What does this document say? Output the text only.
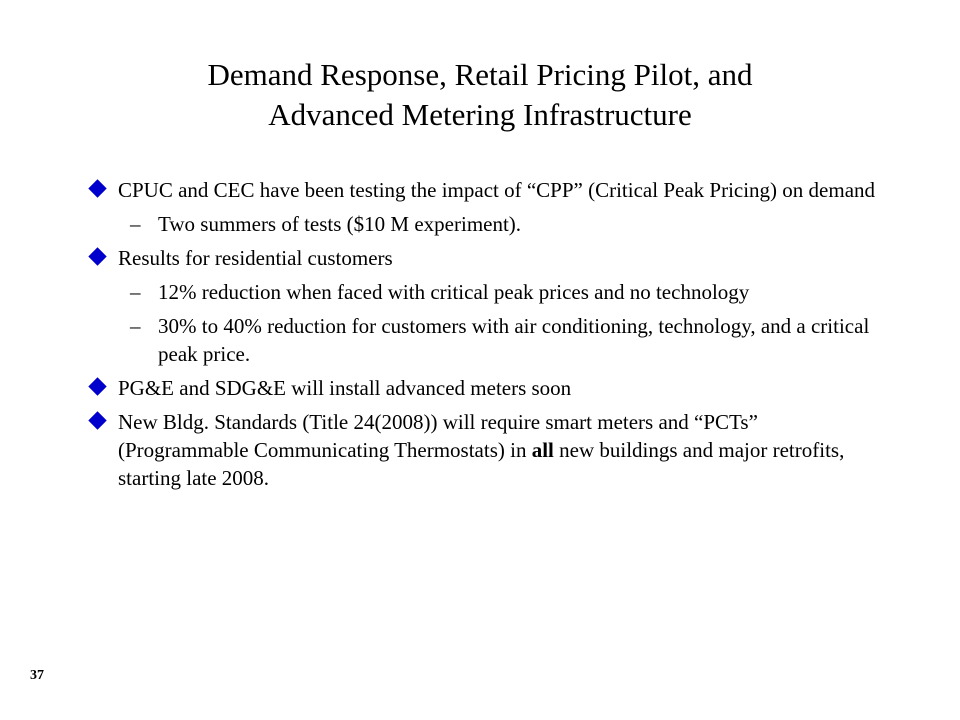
Demand Response, Retail Pricing Pilot, and
Advanced Metering Infrastructure
CPUC and CEC have been testing the impact of “CPP” (Critical Peak Pricing) on demand
– Two summers of tests ($10 M experiment).
Results for residential customers
– 12% reduction when faced with critical peak prices and no technology
– 30% to 40% reduction for customers with air conditioning, technology, and a critical peak price.
PG&E and SDG&E will install advanced meters soon
New Bldg. Standards (Title 24(2008)) will require smart meters and “PCTs” (Programmable Communicating Thermostats) in all new buildings and major retrofits, starting late 2008.
37
